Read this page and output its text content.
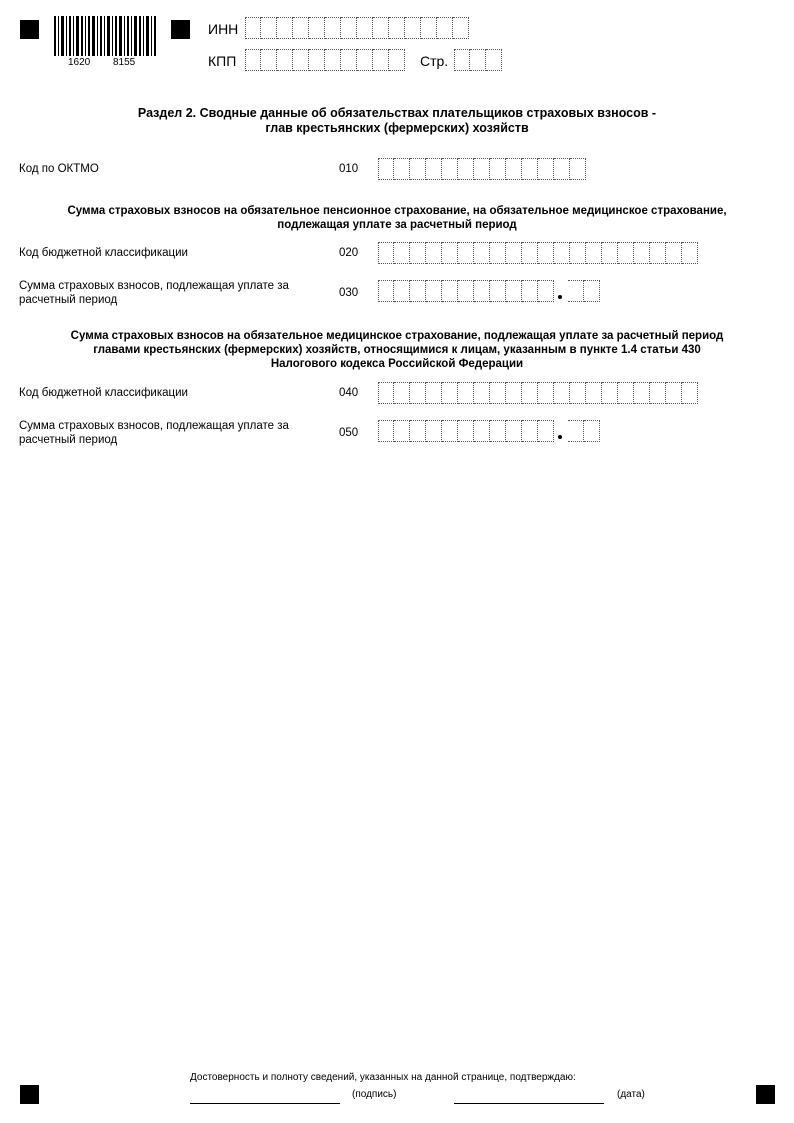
1620 8155
ИНН
КПП	Стр.
Раздел 2. Сводные данные об обязательствах плательщиков страховых взносов -
глав крестьянских (фермерских) хозяйств
Код по ОКТМО	010
Сумма страховых взносов на обязательное пенсионное страхование, на обязательное медицинское страхование,
подлежащая уплате за расчетный период
Код бюджетной классификации	020
Сумма страховых взносов, подлежащая уплате за
расчетный период
030
Сумма страховых взносов на обязательное медицинское страхование, подлежащая уплате за расчетный период
главами крестьянских (фермерских) хозяйств, относящимися к лицам, указанным в пункте 1.4 статьи 430
Налогового кодекса Российской Федерации
Код бюджетной классификации	040
Сумма страховых взносов, подлежащая уплате за
расчетный период
050
Достоверность и полноту сведений, указанных на данной странице, подтверждаю:
(подпись)	(дата)
